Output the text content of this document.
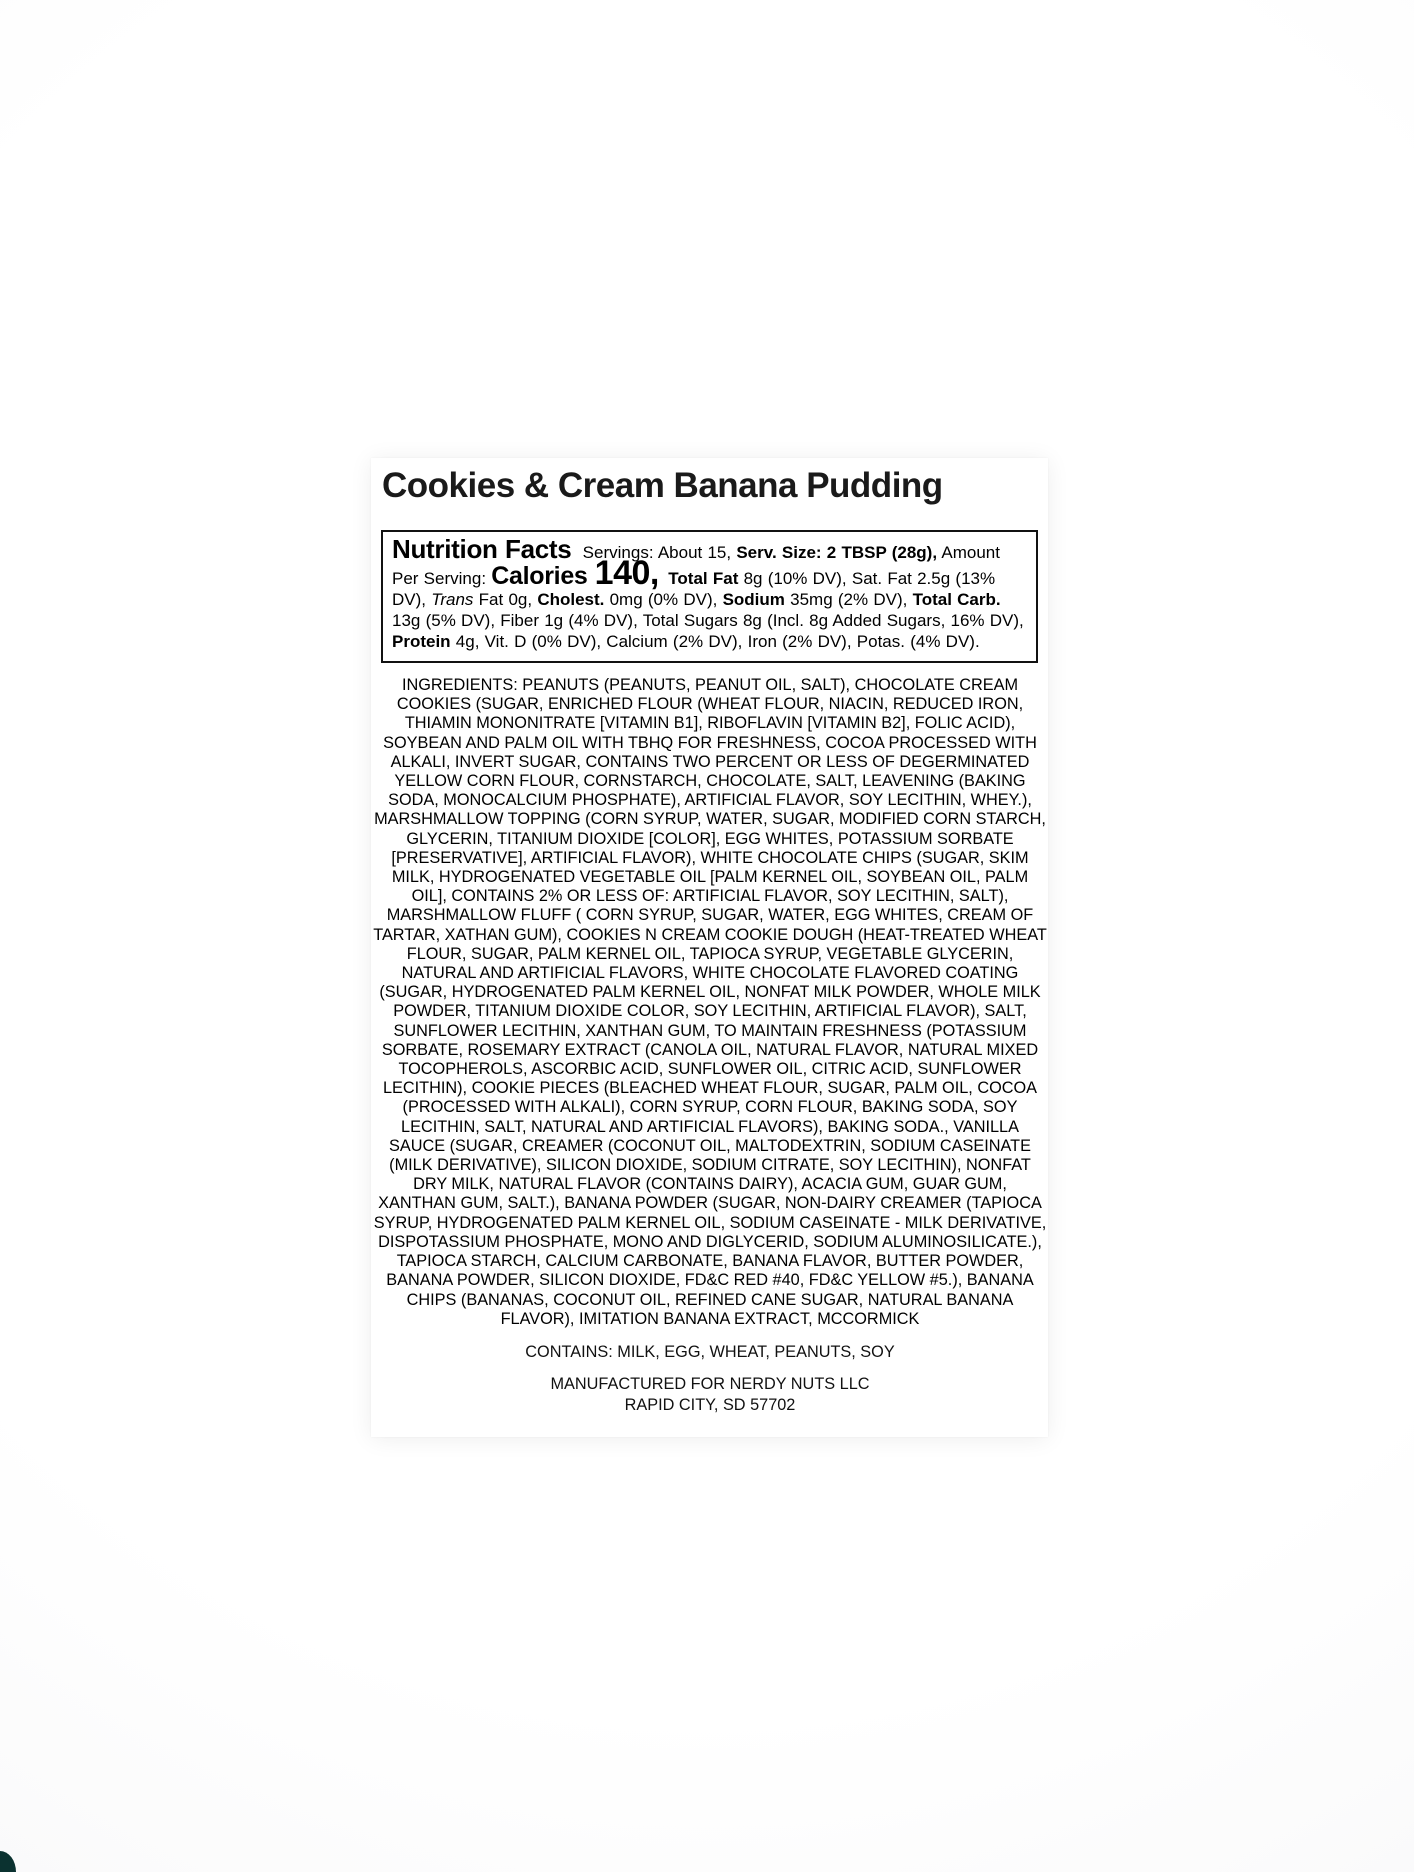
Cookies & Cream Banana Pudding

Nutrition Facts Servings: About 15, Serv. Size: 2 TBSP (28g), Amount Per Serving: Calories 140, Total Fat 8g (10% DV), Sat. Fat 2.5g (13% DV), Trans Fat 0g, Cholest. 0mg (0% DV), Sodium 35mg (2% DV), Total Carb. 13g (5% DV), Fiber 1g (4% DV), Total Sugars 8g (Incl. 8g Added Sugars, 16% DV), Protein 4g, Vit. D (0% DV), Calcium (2% DV), Iron (2% DV), Potas. (4% DV).

INGREDIENTS: PEANUTS (PEANUTS, PEANUT OIL, SALT), CHOCOLATE CREAM COOKIES (SUGAR, ENRICHED FLOUR (WHEAT FLOUR, NIACIN, REDUCED IRON, THIAMIN MONONITRATE [VITAMIN B1], RIBOFLAVIN [VITAMIN B2], FOLIC ACID), SOYBEAN AND PALM OIL WITH TBHQ FOR FRESHNESS, COCOA PROCESSED WITH ALKALI, INVERT SUGAR, CONTAINS TWO PERCENT OR LESS OF DEGERMINATED YELLOW CORN FLOUR, CORNSTARCH, CHOCOLATE, SALT, LEAVENING (BAKING SODA, MONOCALCIUM PHOSPHATE), ARTIFICIAL FLAVOR, SOY LECITHIN, WHEY.), MARSHMALLOW TOPPING (CORN SYRUP, WATER, SUGAR, MODIFIED CORN STARCH, GLYCERIN, TITANIUM DIOXIDE [COLOR], EGG WHITES, POTASSIUM SORBATE [PRESERVATIVE], ARTIFICIAL FLAVOR), WHITE CHOCOLATE CHIPS (SUGAR, SKIM MILK, HYDROGENATED VEGETABLE OIL [PALM KERNEL OIL, SOYBEAN OIL, PALM OIL], CONTAINS 2% OR LESS OF: ARTIFICIAL FLAVOR, SOY LECITHIN, SALT), MARSHMALLOW FLUFF ( CORN SYRUP, SUGAR, WATER, EGG WHITES, CREAM OF TARTAR, XATHAN GUM), COOKIES N CREAM COOKIE DOUGH (HEAT-TREATED WHEAT FLOUR, SUGAR, PALM KERNEL OIL, TAPIOCA SYRUP, VEGETABLE GLYCERIN, NATURAL AND ARTIFICIAL FLAVORS, WHITE CHOCOLATE FLAVORED COATING (SUGAR, HYDROGENATED PALM KERNEL OIL, NONFAT MILK POWDER, WHOLE MILK POWDER, TITANIUM DIOXIDE COLOR, SOY LECITHIN, ARTIFICIAL FLAVOR), SALT, SUNFLOWER LECITHIN, XANTHAN GUM, TO MAINTAIN FRESHNESS (POTASSIUM SORBATE, ROSEMARY EXTRACT (CANOLA OIL, NATURAL FLAVOR, NATURAL MIXED TOCOPHEROLS, ASCORBIC ACID, SUNFLOWER OIL, CITRIC ACID, SUNFLOWER LECITHIN), COOKIE PIECES (BLEACHED WHEAT FLOUR, SUGAR, PALM OIL, COCOA (PROCESSED WITH ALKALI), CORN SYRUP, CORN FLOUR, BAKING SODA, SOY LECITHIN, SALT, NATURAL AND ARTIFICIAL FLAVORS), BAKING SODA., VANILLA SAUCE (SUGAR, CREAMER (COCONUT OIL, MALTODEXTRIN, SODIUM CASEINATE (MILK DERIVATIVE), SILICON DIOXIDE, SODIUM CITRATE, SOY LECITHIN), NONFAT DRY MILK, NATURAL FLAVOR (CONTAINS DAIRY), ACACIA GUM, GUAR GUM, XANTHAN GUM, SALT.), BANANA POWDER (SUGAR, NON-DAIRY CREAMER (TAPIOCA SYRUP, HYDROGENATED PALM KERNEL OIL, SODIUM CASEINATE - MILK DERIVATIVE, DISPOTASSIUM PHOSPHATE, MONO AND DIGLYCERID, SODIUM ALUMINOSILICATE.), TAPIOCA STARCH, CALCIUM CARBONATE, BANANA FLAVOR, BUTTER POWDER, BANANA POWDER, SILICON DIOXIDE, FD&C RED #40, FD&C YELLOW #5.), BANANA CHIPS (BANANAS, COCONUT OIL, REFINED CANE SUGAR, NATURAL BANANA FLAVOR), IMITATION BANANA EXTRACT, MCCORMICK

CONTAINS: MILK, EGG, WHEAT, PEANUTS, SOY

MANUFACTURED FOR NERDY NUTS LLC
RAPID CITY, SD 57702
